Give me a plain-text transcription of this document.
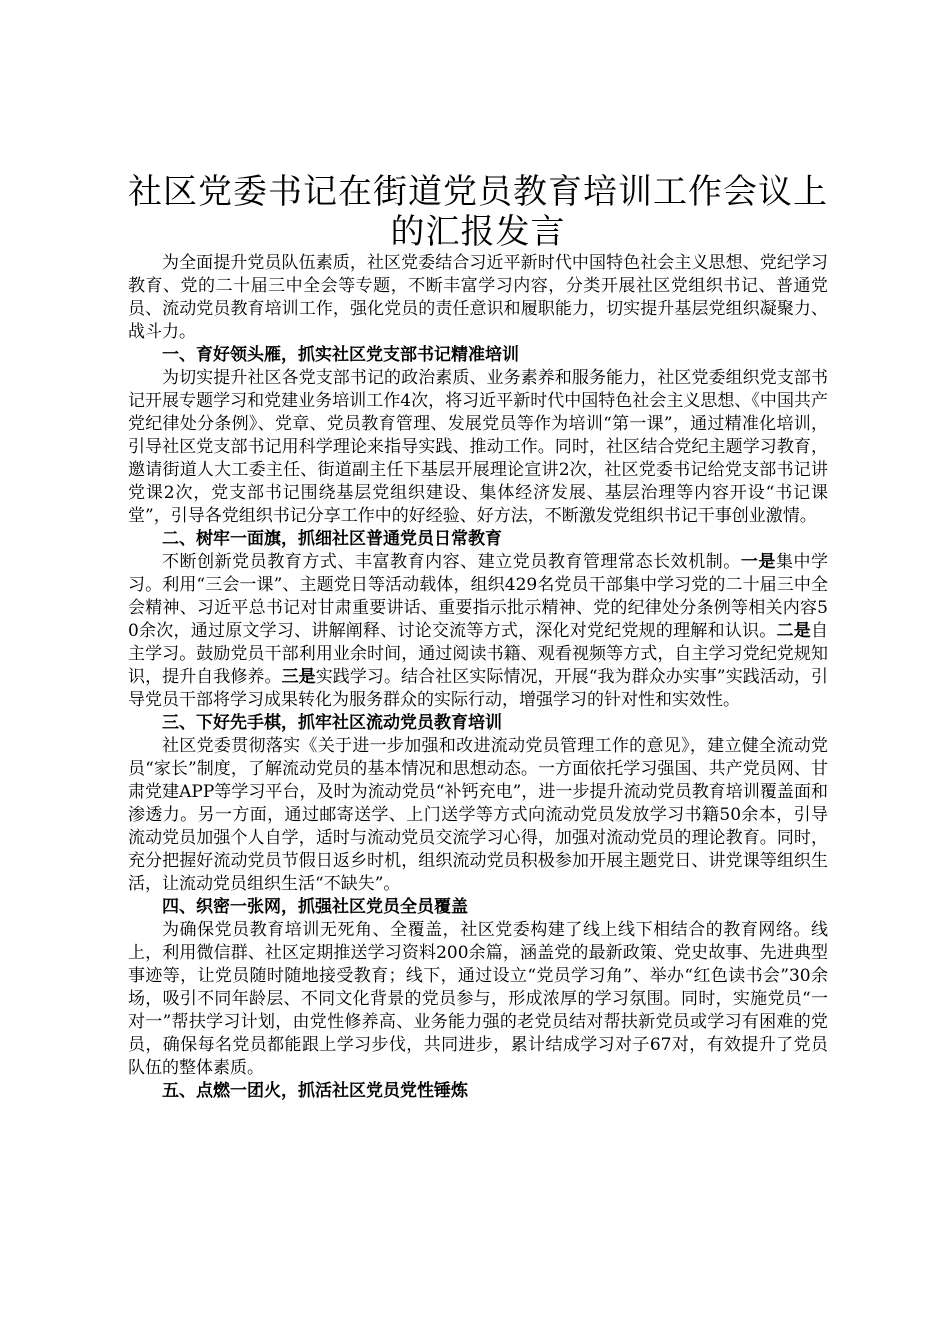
社区党委书记在街道党员教育培训工作会议上的汇报发言

为全面提升党员队伍素质，社区党委结合习近平新时代中国特色社会主义思想、党纪学习教育、党的二十届三中全会等专题，不断丰富学习内容，分类开展社区党组织书记、普通党员、流动党员教育培训工作，强化党员的责任意识和履职能力，切实提升基层党组织凝聚力、战斗力。

一、育好领头雁，抓实社区党支部书记精准培训

为切实提升社区各党支部书记的政治素质、业务素养和服务能力，社区党委组织党支部书记开展专题学习和党建业务培训工作4次，将习近平新时代中国特色社会主义思想、《中国共产党纪律处分条例》、党章、党员教育管理、发展党员等作为培训“第一课”，通过精准化培训，引导社区党支部书记用科学理论来指导实践、推动工作。同时，社区结合党纪主题学习教育，邀请街道人大工委主任、街道副主任下基层开展理论宣讲2次，社区党委书记给党支部书记讲党课2次，党支部书记围绕基层党组织建设、集体经济发展、基层治理等内容开设“书记课堂”，引导各党组织书记分享工作中的好经验、好方法，不断激发党组织书记干事创业激情。

二、树牢一面旗，抓细社区普通党员日常教育

不断创新党员教育方式、丰富教育内容、建立党员教育管理常态长效机制。一是集中学习。利用“三会一课”、主题党日等活动载体，组织429名党员干部集中学习党的二十届三中全会精神、习近平总书记对甘肃重要讲话、重要指示批示精神、党的纪律处分条例等相关内容50余次，通过原文学习、讲解阐释、讨论交流等方式，深化对党纪党规的理解和认识。二是自主学习。鼓励党员干部利用业余时间，通过阅读书籍、观看视频等方式，自主学习党纪党规知识，提升自我修养。三是实践学习。结合社区实际情况，开展“我为群众办实事”实践活动，引导党员干部将学习成果转化为服务群众的实际行动，增强学习的针对性和实效性。

三、下好先手棋，抓牢社区流动党员教育培训

社区党委贯彻落实《关于进一步加强和改进流动党员管理工作的意见》，建立健全流动党员“家长”制度，了解流动党员的基本情况和思想动态。一方面依托学习强国、共产党员网、甘肃党建APP等学习平台，及时为流动党员“补钙充电”，进一步提升流动党员教育培训覆盖面和渗透力。另一方面，通过邮寄送学、上门送学等方式向流动党员发放学习书籍50余本，引导流动党员加强个人自学，适时与流动党员交流学习心得，加强对流动党员的理论教育。同时，充分把握好流动党员节假日返乡时机，组织流动党员积极参加开展主题党日、讲党课等组织生活，让流动党员组织生活“不缺失”。

四、织密一张网，抓强社区党员全员覆盖

为确保党员教育培训无死角、全覆盖，社区党委构建了线上线下相结合的教育网络。线上，利用微信群、社区定期推送学习资料200余篇，涵盖党的最新政策、党史故事、先进典型事迹等，让党员随时随地接受教育；线下，通过设立“党员学习角”、举办“红色读书会”30余场，吸引不同年龄层、不同文化背景的党员参与，形成浓厚的学习氛围。同时，实施党员“一对一”帮扶学习计划，由党性修养高、业务能力强的老党员结对帮扶新党员或学习有困难的党员，确保每名党员都能跟上学习步伐，共同进步，累计结成学习对子67对，有效提升了党员队伍的整体素质。

五、点燃一团火，抓活社区党员党性锤炼
